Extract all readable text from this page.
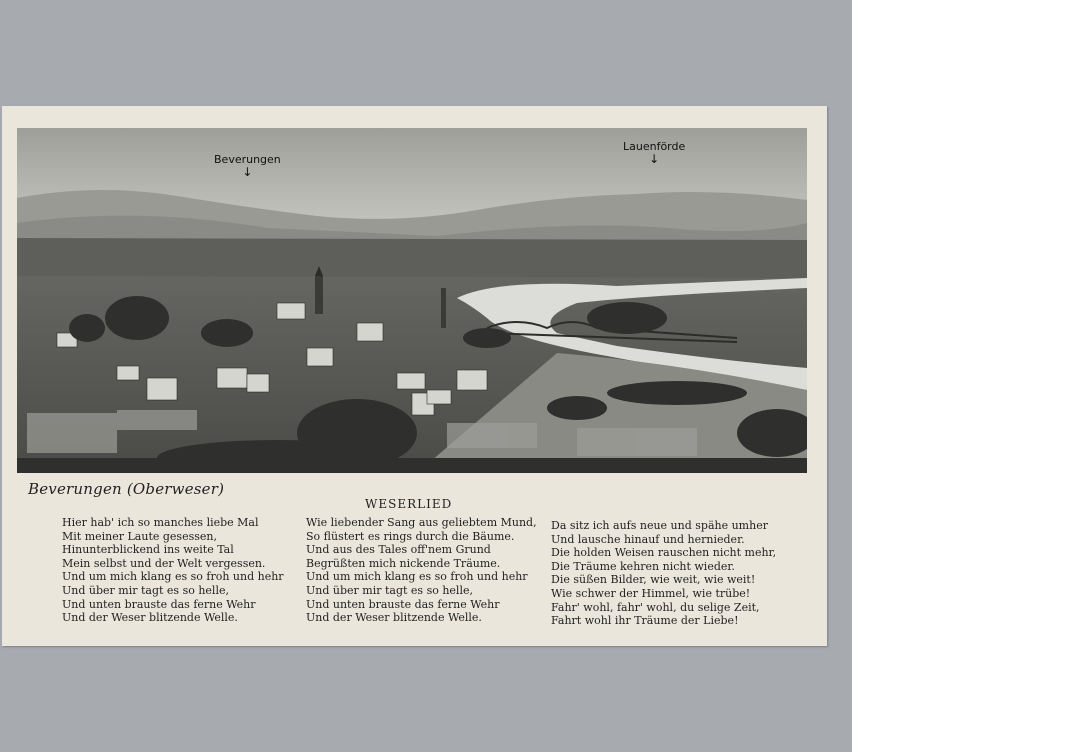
Beverungen
↓
Lauenförde
↓
Beverungen (Oberweser)
WESERLIED
Hier hab' ich so manches liebe Mal
Mit meiner Laute gesessen,
Hinunterblickend ins weite Tal
Mein selbst und der Welt vergessen.
Und um mich klang es so froh und hehr
Und über mir tagt es so helle,
Und unten brauste das ferne Wehr
Und der Weser blitzende Welle.
Wie liebender Sang aus geliebtem Mund,
So flüstert es rings durch die Bäume.
Und aus des Tales off'nem Grund
Begrüßten mich nickende Träume.
Und um mich klang es so froh und hehr
Und über mir tagt es so helle,
Und unten brauste das ferne Wehr
Und der Weser blitzende Welle.
Da sitz ich aufs neue und spähe umher
Und lausche hinauf und hernieder.
Die holden Weisen rauschen nicht mehr,
Die Träume kehren nicht wieder.
Die süßen Bilder, wie weit, wie weit!
Wie schwer der Himmel, wie trübe!
Fahr' wohl, fahr' wohl, du selige Zeit,
Fahrt wohl ihr Träume der Liebe!
